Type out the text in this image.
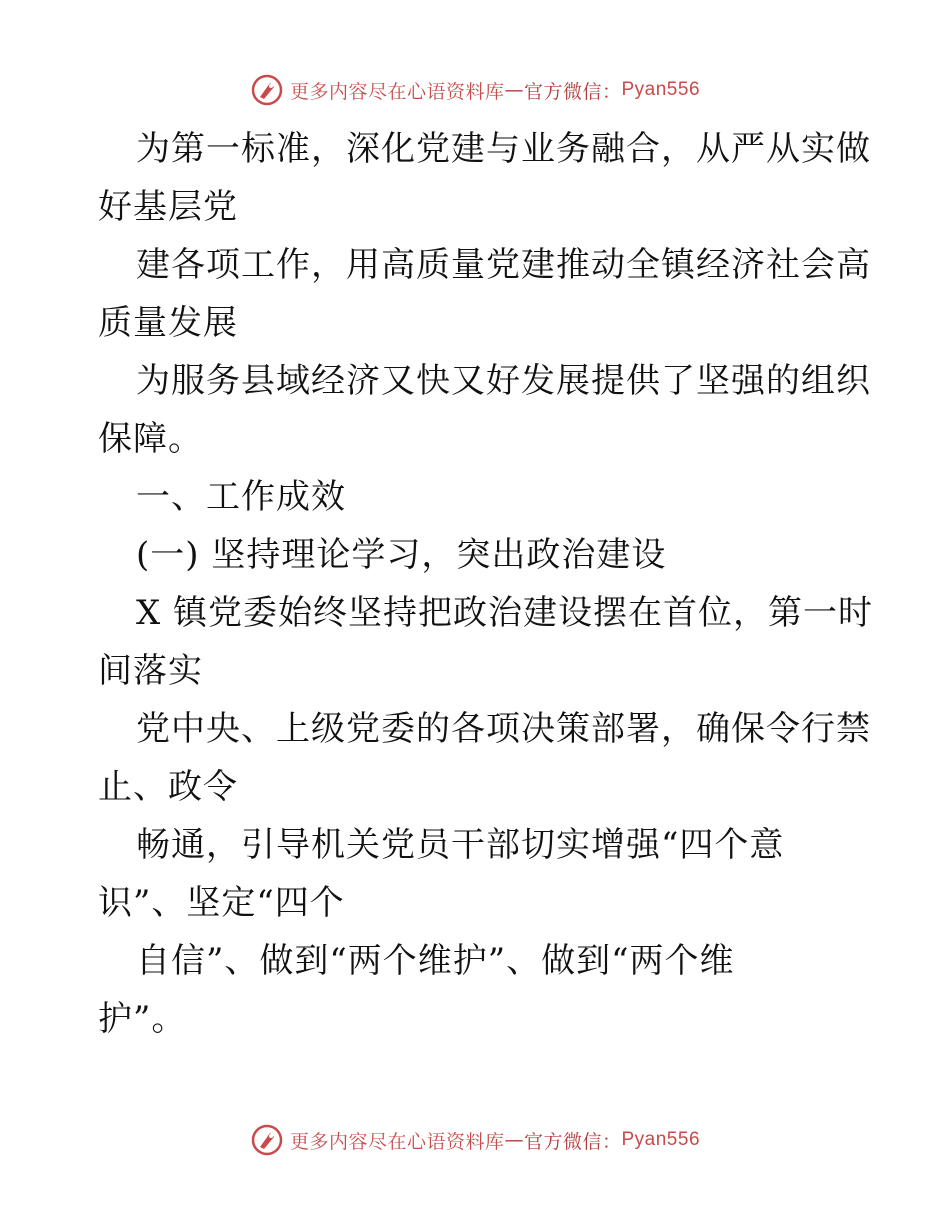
更多内容尽在心语资料库 — 官方微信： Pyan556
为第一标准，深化党建与业务融合，从严从实做
好基层党
建各项工作，用高质量党建推动全镇经济社会高
质量发展
为服务县域经济又快又好发展提供了坚强的组织
保障。
一、工作成效
(一) 坚持理论学习，突出政治建设
X 镇党委始终坚持把政治建设摆在首位，第一时
间落实
党中央、上级党委的各项决策部署，确保令行禁
止、政令
畅通，引导机关党员干部切实增强“四个意
识”、坚定“四个
自信”、做到“两个维护”、做到“两个维
护”。
更多内容尽在心语资料库 — 官方微信： Pyan556
